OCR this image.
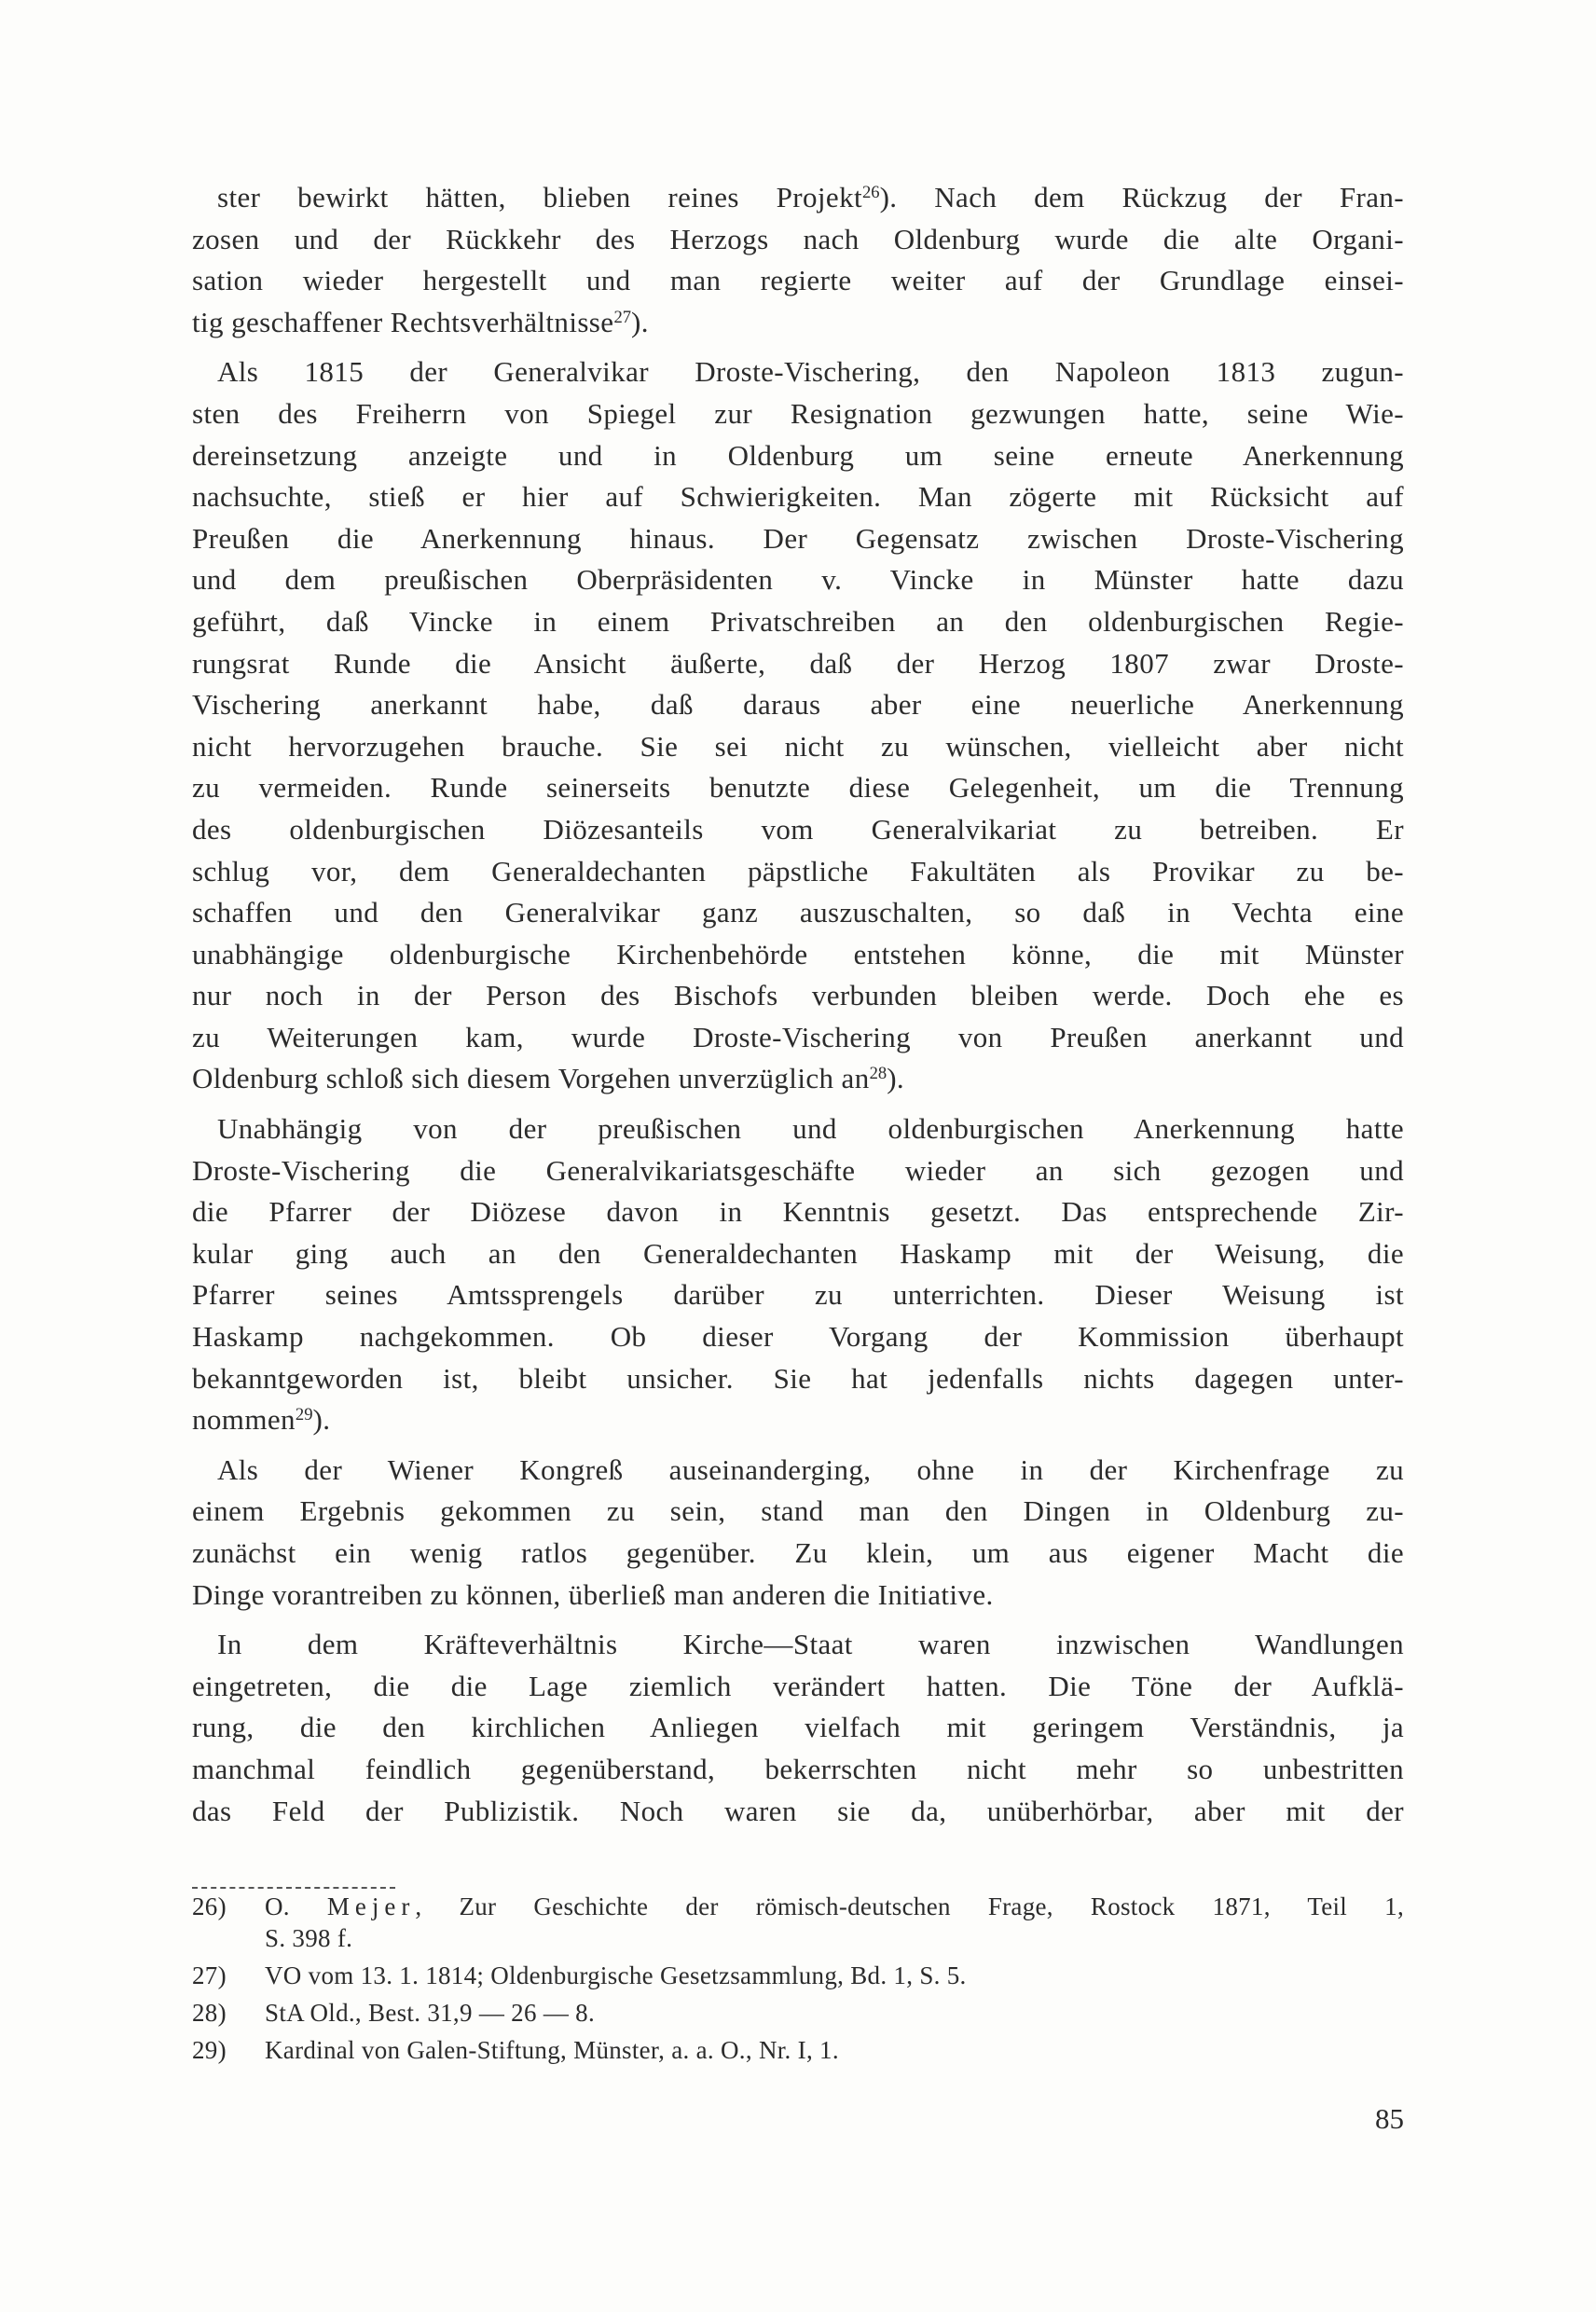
ster bewirkt hätten, blieben reines Projekt$^{26}$). Nach dem Rückzug der Fran-
zosen und der Rückkehr des Herzogs nach Oldenburg wurde die alte Organi-
sation wieder hergestellt und man regierte weiter auf der Grundlage einsei-
tig geschaffener Rechtsverhältnisse$^{27}$).
Als 1815 der Generalvikar Droste-Vischering, den Napoleon 1813 zugun-
sten des Freiherrn von Spiegel zur Resignation gezwungen hatte, seine Wie-
dereinsetzung anzeigte und in Oldenburg um seine erneute Anerkennung
nachsuchte, stieß er hier auf Schwierigkeiten. Man zögerte mit Rücksicht auf
Preußen die Anerkennung hinaus. Der Gegensatz zwischen Droste-Vischering
und dem preußischen Oberpräsidenten v. Vincke in Münster hatte dazu
geführt, daß Vincke in einem Privatschreiben an den oldenburgischen Regie-
rungsrat Runde die Ansicht äußerte, daß der Herzog 1807 zwar Droste-
Vischering anerkannt habe, daß daraus aber eine neuerliche Anerkennung
nicht hervorzugehen brauche. Sie sei nicht zu wünschen, vielleicht aber nicht
zu vermeiden. Runde seinerseits benutzte diese Gelegenheit, um die Trennung
des oldenburgischen Diözesanteils vom Generalvikariat zu betreiben. Er
schlug vor, dem Generaldechanten päpstliche Fakultäten als Provikar zu be-
schaffen und den Generalvikar ganz auszuschalten, so daß in Vechta eine
unabhängige oldenburgische Kirchenbehörde entstehen könne, die mit Münster
nur noch in der Person des Bischofs verbunden bleiben werde. Doch ehe es
zu Weiterungen kam, wurde Droste-Vischering von Preußen anerkannt und
Oldenburg schloß sich diesem Vorgehen unverzüglich $an^{28}$).
Unabhängig von der preußischen und oldenburgischen Anerkennung hatte
Droste-Vischering die Generalvikariatsgeschäfte wieder an sich gezogen und
die Pfarrer der Diözese davon in Kenntnis gesetzt. Das entsprechende Zir-
kular ging auch an den Generaldechanten Haskamp mit der Weisung, die
Pfarrer seines Amtssprengels darüber zu unterrichten. Dieser Weisung ist
Haskamp nachgekommen. Ob dieser Vorgang der Kommission überhaupt
bekanntgeworden ist, bleibt unsicher. Sie hat jedenfalls nichts dagegen unter-
nommen$^{29}$).
Als der Wiener Kongreß auseinanderging, ohne in der Kirchenfrage zu
einem Ergebnis gekommen zu sein, stand man den Dingen in Oldenburg zu-
zunächst ein wenig ratlos gegenüber. Zu klein, um aus eigener Macht die
Dinge vorantreiben zu können, überließ man anderen die Initiative.
In dem Kräfteverhältnis Kirche—Staat waren inzwischen Wandlungen
eingetreten, die die Lage ziemlich verändert hatten. Die Töne der Aufklä-
rung, die den kirchlichen Anliegen vielfach mit geringem Verständnis, ja
manchmal feindlich gegenüberstand, bekerrschten nicht mehr so unbestritten
das Feld der Publizistik. Noch waren sie da, unüberhörbar, aber mit der
26)	O. Mejer, Zur Geschichte der römisch-deutschen Frage, Rostock 1871, Teil 1,
S. 398 f.
27)	VO vom 13. 1. 1814; Oldenburgische Gesetzsammlung, Bd. 1, S. 5.
28)	StA Old., Best. 31,9 — 26 — 8.
29)	Kardinal von Galen-Stiftung, Münster, a. a. O., Nr. I, 1.
85
